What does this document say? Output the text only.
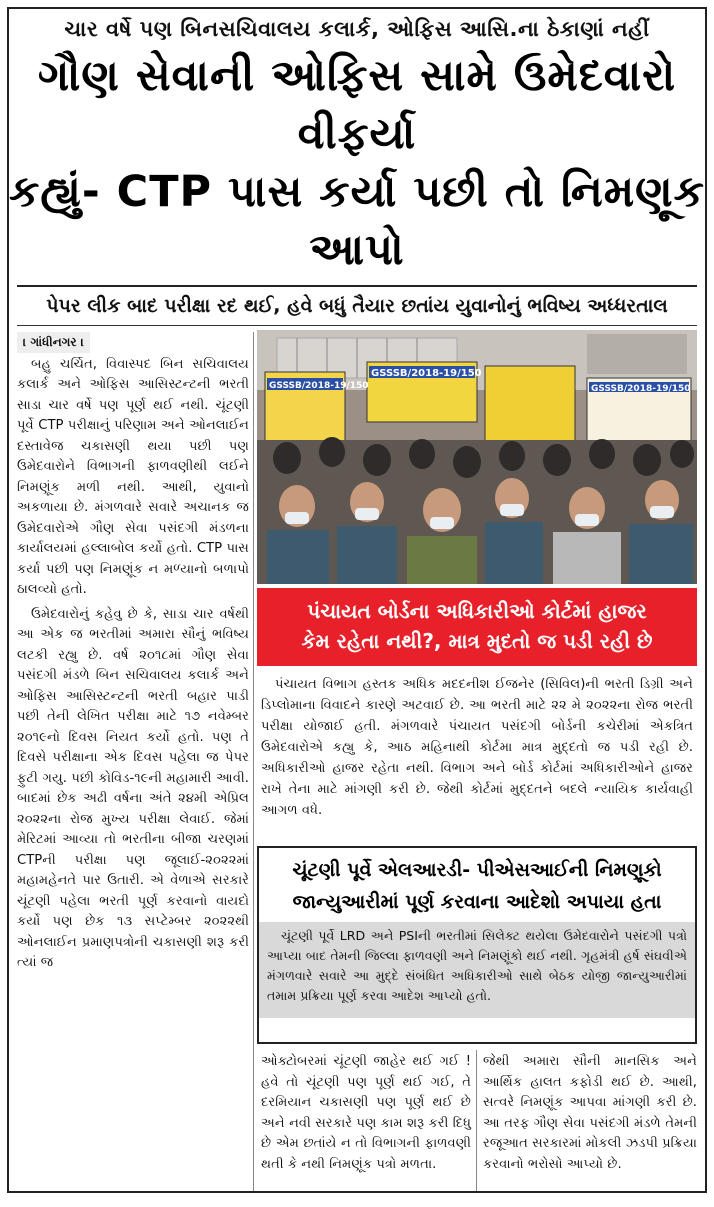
ચાર વર્ષે પણ બિનસચિવાલય કલાર્ક, ઓફિસ આસિ.ના ઠેકાણાં નહીં
ગૌણ સેવાની ઓફિસ સામે ઉમેદવારો વીફર્યા
કહ્યું- CTP પાસ કર્યા પછી તો નિમણૂક આપો
પેપર લીક બાદ પરીક્ષા રદ થઈ, હવે બધું તૈયાર છતાંય યુવાનોનું ભવિષ્ય અધ્ધરતાલ
। ગાંધીનગર ।

બહુ ચર્ચિત, વિવાસ્પદ બિન સચિવાલય કલાર્ક અને ઓફિસ આસિસ્ટન્ટની ભરતી સાડા ચાર વર્ષે પણ પૂર્ણ થઈ નથી. ચૂંટણી પૂર્વે CTP પરીક્ષાનું પરિણામ અને ઓનલાઈન દસ્તાવેજ ચકાસણી થયા પછી પણ ઉમેદવારોને વિભાગની ફાળવણીથી લઈને નિમણૂંક મળી નથી. આથી, યુવાનો અકળાયા છે. મંગળવારે સવારે અચાનક જ ઉમેદવારોએ ગૌણ સેવા પસંદગી મંડળના કાર્યાલયમાં હલ્લાબોલ કર્યો હતો. CTP પાસ કર્યા પછી પણ નિમણૂંક ન મળ્યાનો બળાપો ઠાલવ્યો હતો.

ઉમેદવારોનું કહેવુ છે કે, સાડા ચાર વર્ષથી આ એક જ ભરતીમાં અમારા સૌનું ભવિષ્ય લટકી રહ્યુ છે. વર્ષ ૨૦૧૮માં ગૌણ સેવા પસંદગી મંડળે બિન સચિવાલય કલાર્ક અને ઓફિસ આસિસ્ટન્ટની ભરતી બહાર પાડી પછી તેની લેખિત પરીક્ષા માટે ૧૭ નવેમ્બર ૨૦૧૯નો દિવસ નિયત કર્યો હતો. પણ તે દિવસે પરીક્ષાના એક દિવસ પહેલા જ પેપર ફુટી ગયુ. પછી કોવિડ-૧૯ની મહામારી આવી. બાદમાં છેક અઢી વર્ષના અંતે ૨૪મી એપ્રિલ ૨૦૨૨ના રોજ મુખ્ય પરીક્ષા લેવાઈ. જેમાં મેરિટમાં આવ્યા તો ભરતીના બીજા ચરણમાં CTPની પરીક્ષા પણ જૂલાઈ-૨૦૨૨માં મહામહેનતે પાર ઉતારી. એ વેળાએ સરકારે ચૂંટણી પહેલા ભરતી પૂર્ણ કરવાનો વાયદો કર્યો પણ છેક ૧૩ સપ્ટેમ્બર ૨૦૨૨થી ઓનલાઈન પ્રમાણપત્રોની ચકાસણી શરૂ કરી ત્યાં જ

GSSSB/2018-19/150
GSSSB/2018-19/150
GSSSB/2018-19/150
પંચાયત બોર્ડના અધિકારીઓ કોર્ટમાં હાજર
કેમ રહેતા નથી?, માત્ર મુદતો જ પડી રહી છે

પંચાયત વિભાગ હસ્તક અધિક મદદનીશ ઈજનેર (સિવિલ)ની ભરતી ડિગ્રી અને ડિપ્લોમાના વિવાદને કારણે અટવાઈ છે. આ ભરતી માટે ૨૨ મે ૨૦૨૨ના રોજ ભરતી પરીક્ષા યોજાઈ હતી. મંગળવારે પંચાયત પસંદગી બોર્ડની કચેરીમાં એકત્રિત ઉમેદવારોએ કહ્યુ કે, આઠ મહિનાથી કોર્ટમા માત્ર મુદ્દતો જ પડી રહી છે. અધિકારીઓ હાજર રહેતા નથી. વિભાગ અને બોર્ડ કોર્ટમાં અધિકારીઓને હાજર રાખે તેના માટે માંગણી કરી છે. જેથી કોર્ટમાં મુદ્દતને બદલે ન્યાયિક કાર્યવાહી આગળ વધે.

ચૂંટણી પૂર્વે એલઆરડી- પીએસઆઈની નિમણૂકો
જાન્યુઆરીમાં પૂર્ણ કરવાના આદેશો અપાયા હતા

ચૂંટણી પૂર્વે LRD અને PSIની ભરતીમાં સિલેક્ટ થયેલા ઉમેદવારોને પસંદગી પત્રો આપ્યા બાદ તેમની જિલ્લા ફાળવણી અને નિમણૂંકો થઈ નથી. ગૃહમંત્રી હર્ષ સંઘવીએ મંગળવારે સવારે આ મુદ્દે સંબંધિત અધિકારીઓ સાથે બેઠક યોજી જાન્યુઆરીમાં તમામ પ્રક્રિયા પૂર્ણ કરવા આદેશ આપ્યો હતો.

ઓક્ટોબરમાં ચૂંટણી જાહેર થઈ ગઈ ! હવે તો ચૂંટણી પણ પૂર્ણ થઈ ગઈ, તે દરમિયાન ચકાસણી પણ પૂર્ણ થઈ છે અને નવી સરકારે પણ કામ શરૂ કરી દિધુ છે એમ છતાંયે ન તો વિભાગની ફાળવણી થતી કે નથી નિમણૂંક પત્રો મળતા.

જેથી અમારા સૌની માનસિક અને આર્થિક હાલત કફોડી થઈ છે. આથી, સત્વરે નિમણૂંક આપવા માંગણી કરી છે. આ તરફ ગૌણ સેવા પસંદગી મંડળે તેમની રજૂઆત સરકારમાં મોકલી ઝડપી પ્રક્રિયા કરવાનો ભરોસો આપ્યો છે.
